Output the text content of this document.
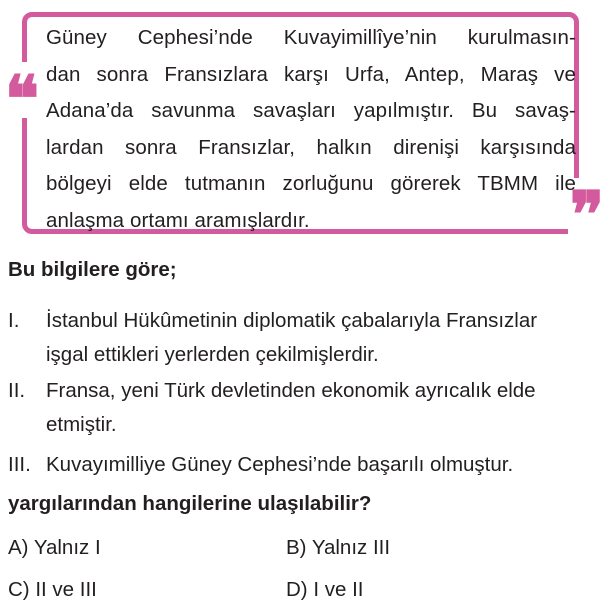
❝
❞
Güney Cephesi’nde Kuvayimillîye’nin kurulmasın-
dan sonra Fransızlara karşı Urfa, Antep, Maraş ve
Adana’da savunma savaşları yapılmıştır. Bu savaş-
lardan sonra Fransızlar, halkın direnişi karşısında
bölgeyi elde tutmanın zorluğunu görerek TBMM ile
anlaşma ortamı aramışlardır.
Bu bilgilere göre;
I. İstanbul Hükûmetinin diplomatik çabalarıyla Fransızlar
işgal ettikleri yerlerden çekilmişlerdir.
II. Fransa, yeni Türk devletinden ekonomik ayrıcalık elde
etmiştir.
III. Kuvayımilliye Güney Cephesi’nde başarılı olmuştur.
yargılarından hangilerine ulaşılabilir?
A) Yalnız I	B) Yalnız III
C) II ve III	D) I ve II
